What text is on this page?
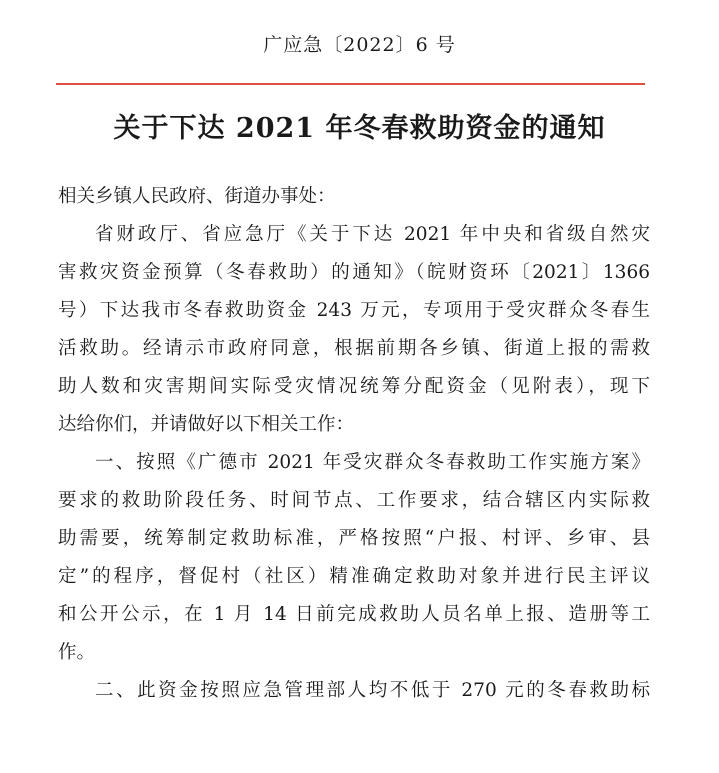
广应急〔2022〕6 号
关于下达 2021 年冬春救助资金的通知
相关乡镇人民政府、街道办事处：
省财政厅、省应急厅《关于下达 2021 年中央和省级自然灾
害救灾资金预算（冬春救助）的通知》（皖财资环〔2021〕1366
号）下达我市冬春救助资金 243 万元，专项用于受灾群众冬春生
活救助。经请示市政府同意，根据前期各乡镇、街道上报的需救
助人数和灾害期间实际受灾情况统筹分配资金（见附表），现下
达给你们，并请做好以下相关工作：
一、按照《广德市 2021 年受灾群众冬春救助工作实施方案》
要求的救助阶段任务、时间节点、工作要求，结合辖区内实际救
助需要，统筹制定救助标准，严格按照“户报、村评、乡审、县
定”的程序，督促村（社区）精准确定救助对象并进行民主评议
和公开公示，在 1 月 14 日前完成救助人员名单上报、造册等工
作。
二、此资金按照应急管理部人均不低于 270 元的冬春救助标
